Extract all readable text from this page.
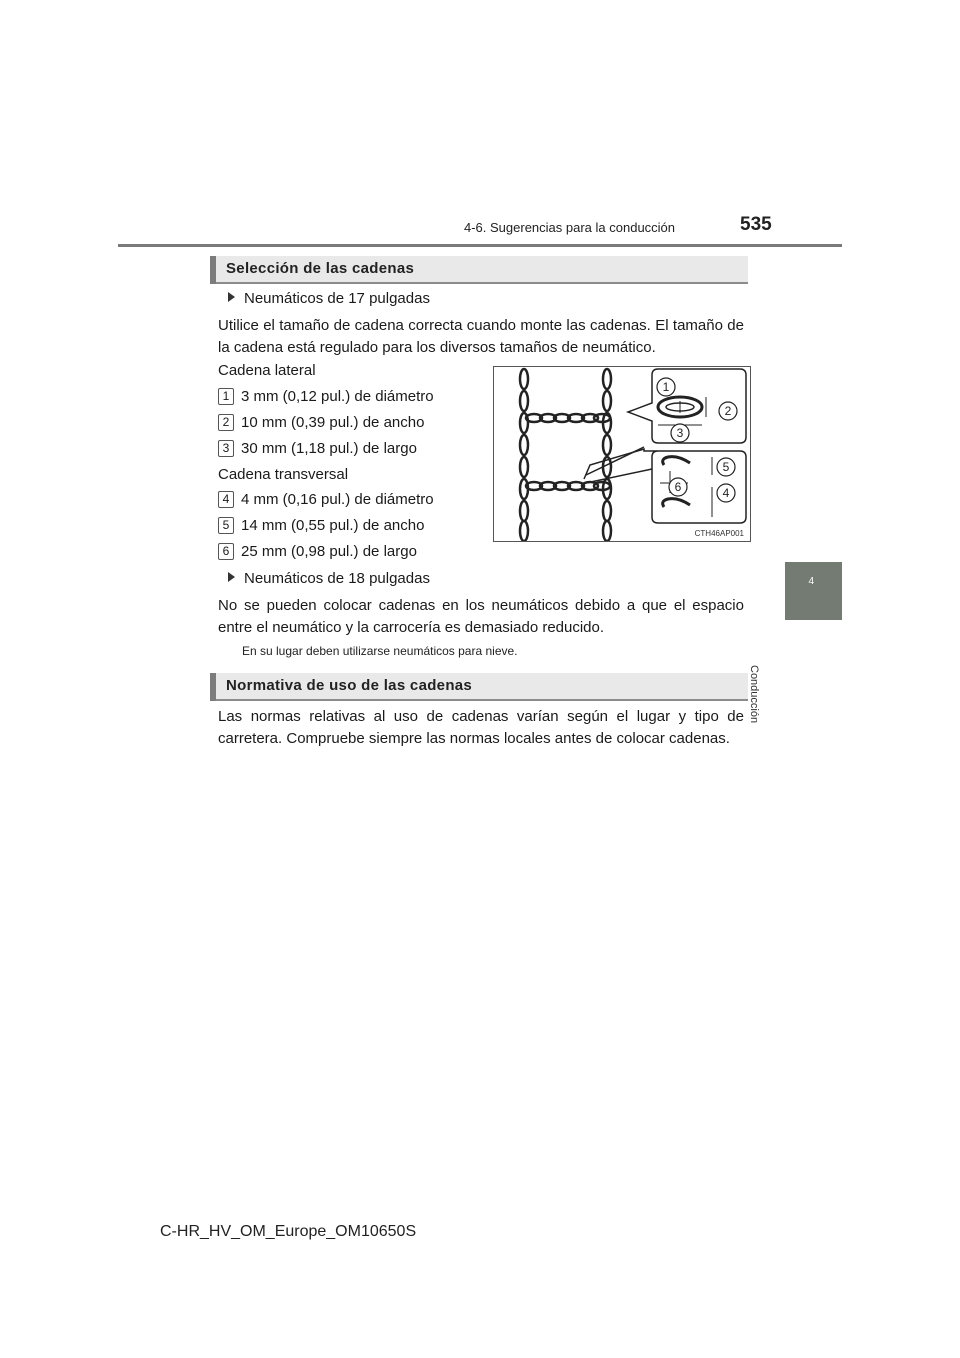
4-6. Sugerencias para la conducción	535
4
Conducción
Selección de las cadenas
Neumáticos de 17 pulgadas
Utilice el tamaño de cadena correcta cuando monte las cadenas. El tamaño de la cadena está regulado para los diversos tamaños de neumático.
Cadena lateral
1 3 mm (0,12 pul.) de diámetro
2 10 mm (0,39 pul.) de ancho
3 30 mm (1,18 pul.) de largo
Cadena transversal
4 4 mm (0,16 pul.) de diámetro
5 14 mm (0,55 pul.) de ancho
6 25 mm (0,98 pul.) de largo
1
2
3
4
5
6
CTH46AP001
Neumáticos de 18 pulgadas
No se pueden colocar cadenas en los neumáticos debido a que el espacio entre el neumático y la carrocería es demasiado reducido.
En su lugar deben utilizarse neumáticos para nieve.
Normativa de uso de las cadenas
Las normas relativas al uso de cadenas varían según el lugar y tipo de carretera. Compruebe siempre las normas locales antes de colocar cadenas.
C-HR_HV_OM_Europe_OM10650S
